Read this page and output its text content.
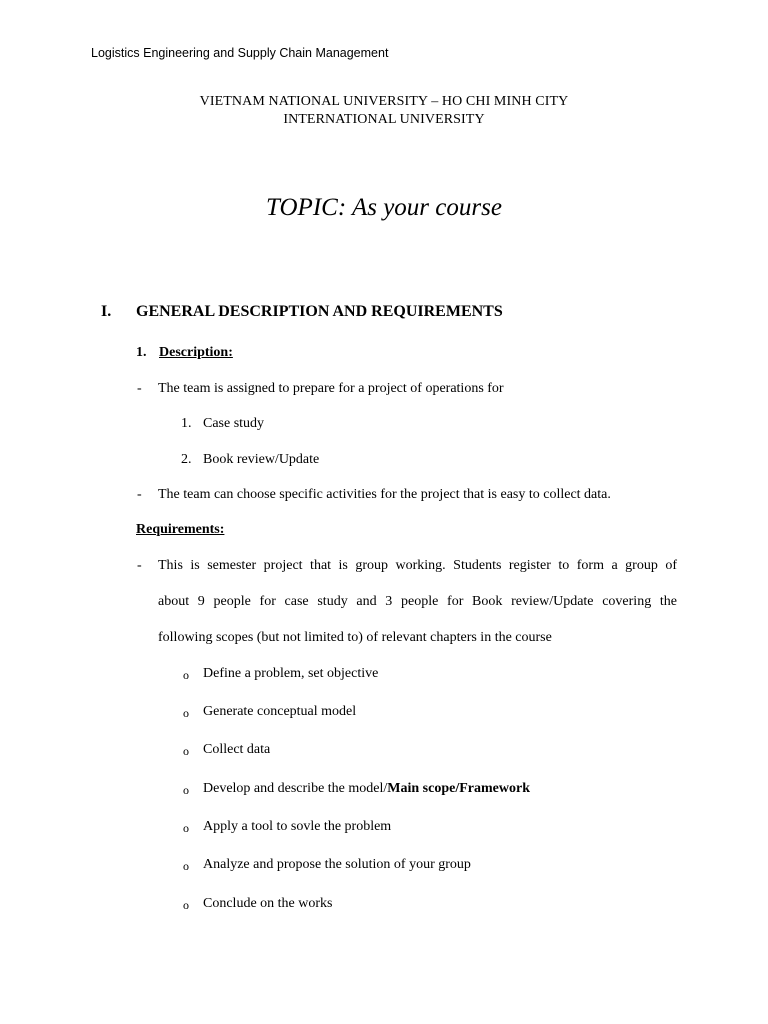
Logistics Engineering and Supply Chain Management
VIETNAM NATIONAL UNIVERSITY – HO CHI MINH CITY
INTERNATIONAL UNIVERSITY
TOPIC: As your course
I. GENERAL DESCRIPTION AND REQUIREMENTS
1. Description:
- The team is assigned to prepare for a project of operations for
1. Case study
2. Book review/Update
- The team can choose specific activities for the project that is easy to collect data.
Requirements:
- This is semester project that is group working. Students register to form a group of
about 9 people for case study and 3 people for Book review/Update covering the
following scopes (but not limited to) of relevant chapters in the course
o Define a problem, set objective
o Generate conceptual model
o Collect data
o Develop and describe the model/Main scope/Framework
o Apply a tool to sovle the problem
o Analyze and propose the solution of your group
o Conclude on the works
